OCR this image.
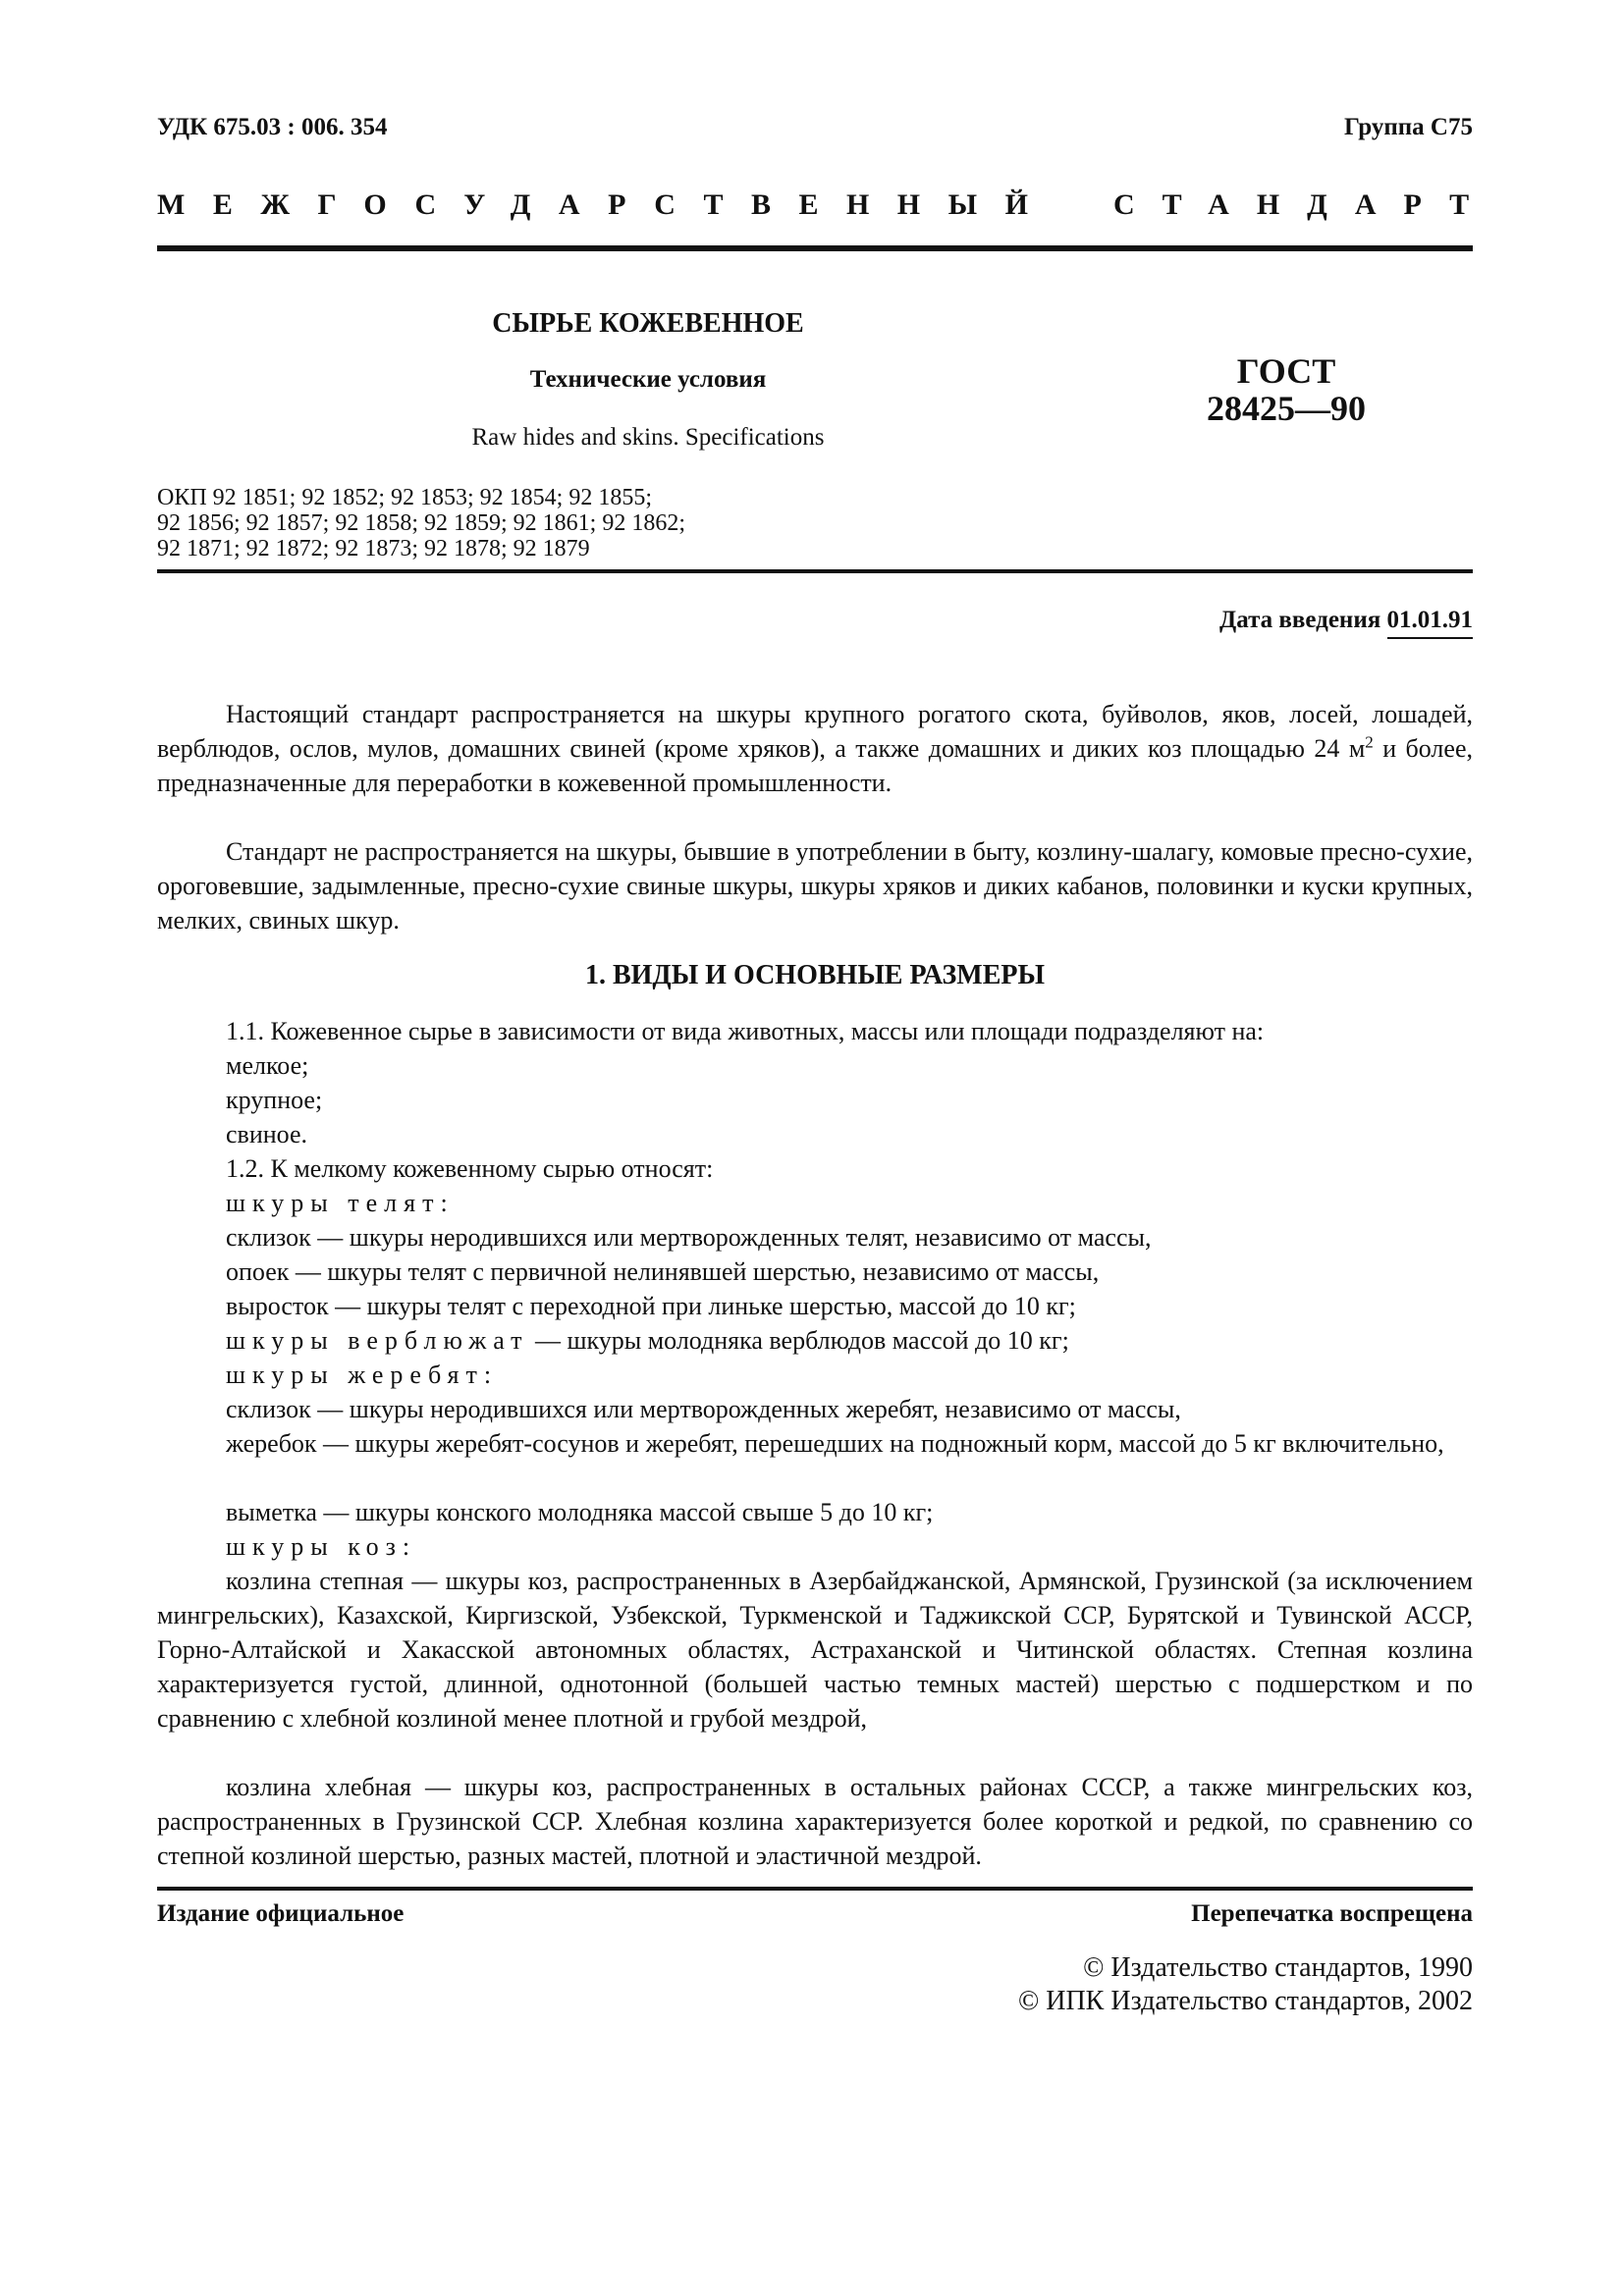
УДК 675.03 : 006. 354	Группа С75
МЕЖГОСУДАРСТВЕННЫЙ СТАНДАРТ
СЫРЬЕ КОЖЕВЕННОЕ
Технические условия
Raw hides and skins. Specifications
ГОСТ
28425—90
ОКП 92 1851; 92 1852; 92 1853; 92 1854; 92 1855;
92 1856; 92 1857; 92 1858; 92 1859; 92 1861; 92 1862;
92 1871; 92 1872; 92 1873; 92 1878; 92 1879
Дата введения 01.01.91
Настоящий стандарт распространяется на шкуры крупного рогатого скота, буйволов, яков, лосей, лошадей, верблюдов, ослов, мулов, домашних свиней (кроме хряков), а также домашних и диких коз площадью 24 $м^2$ и более, предназначенные для переработки в кожевенной промышленности.
Стандарт не распространяется на шкуры, бывшие в употреблении в быту, козлину-шалагу, комовые пресно-сухие, ороговевшие, задымленные, пресно-сухие свиные шкуры, шкуры хряков и диких кабанов, половинки и куски крупных, мелких, свиных шкур.
1. ВИДЫ И ОСНОВНЫЕ РАЗМЕРЫ
1.1. Кожевенное сырье в зависимости от вида животных, массы или площади подразделяют на:
мелкое;
крупное;
свиное.
1.2. К мелкому кожевенному сырью относят:
шкуры телят:
склизок — шкуры неродившихся или мертворожденных телят, независимо от массы,
опоек — шкуры телят с первичной нелинявшей шерстью, независимо от массы,
выросток — шкуры телят с переходной при линьке шерстью, массой до 10 кг;
шкуры верблюжат — шкуры молодняка верблюдов массой до 10 кг;
шкуры жеребят:
склизок — шкуры неродившихся или мертворожденных жеребят, независимо от массы,
жеребок — шкуры жеребят-сосунов и жеребят, перешедших на подножный корм, массой до 5 кг включительно,
выметка — шкуры конского молодняка массой свыше 5 до 10 кг;
шкуры коз:
козлина степная — шкуры коз, распространенных в Азербайджанской, Армянской, Грузинской (за исключением мингрельских), Казахской, Киргизской, Узбекской, Туркменской и Таджикской ССР, Бурятской и Тувинской АССР, Горно-Алтайской и Хакасской автономных областях, Астраханской и Читинской областях. Степная козлина характеризуется густой, длинной, однотонной (большей частью темных мастей) шерстью с подшерстком и по сравнению с хлебной козлиной менее плотной и грубой мездрой,
козлина хлебная — шкуры коз, распространенных в остальных районах СССР, а также мингрельских коз, распространенных в Грузинской ССР. Хлебная козлина характеризуется более короткой и редкой, по сравнению со степной козлиной шерстью, разных мастей, плотной и эластичной мездрой.
Издание официальное	Перепечатка воспрещена
© Издательство стандартов, 1990
© ИПК Издательство стандартов, 2002
